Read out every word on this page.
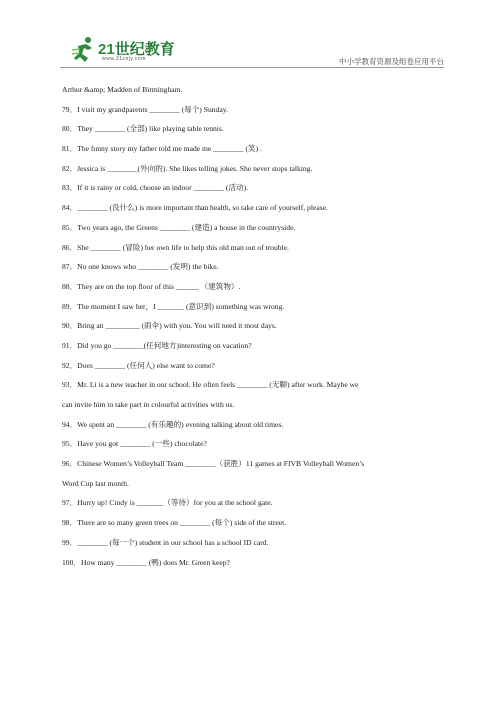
21世纪教育
www.21cnjy.com	中小学教育资源及组卷应用平台
Arthur &amp; Madden of Birmingham.
79．I visit my grandparents ________ (每个) Sunday.
80．They ________ (全部) like playing table tennis.
81．The funny story my father told me made me ________ (笑) .
82．Jessica is ________(外向的). She likes telling jokes. She never stops talking.
83．If it is rainy or cold, choose an indoor ________ (活动).
84．________ (没什么) is more important than health, so take care of yourself, please.
85．Two years ago, the Greens ________ (建造) a house in the countryside.
86．She ________ (冒险) her own life to help this old man out of trouble.
87．No one knows who ________ (发明) the bike.
88．They are on the top floor of this ______ （建筑物）.
89．The moment I saw her，I _______ (意识到) something was wrong.
90．Bring an _________ (雨伞) with you. You will need it most days.
91．Did you go ________(任何地方)interesting on vacation?
92．Does ________ (任何人) else want to come?
93．Mr. Li is a new teacher in our school. He often feels ________ (无聊) after work. Maybe we
can invite him to take part in colourful activities with us.
94．We spent an ________ (有乐趣的) evening talking about old times.
95．Have you got ________ (一些) chocolate?
96．Chinese Women’s Volleyball Team ________（获胜）11 games at FIVB Volleyball Women’s
Word Cup last month.
97．Hurry up! Cindy is _______（等待）for you at the school gate.
98．There are so many green trees on ________ (每个) side of the street.
99．________ (每一个) student in our school has a school ID card.
100．How many ________ (鸭) does Mr. Green keep?
